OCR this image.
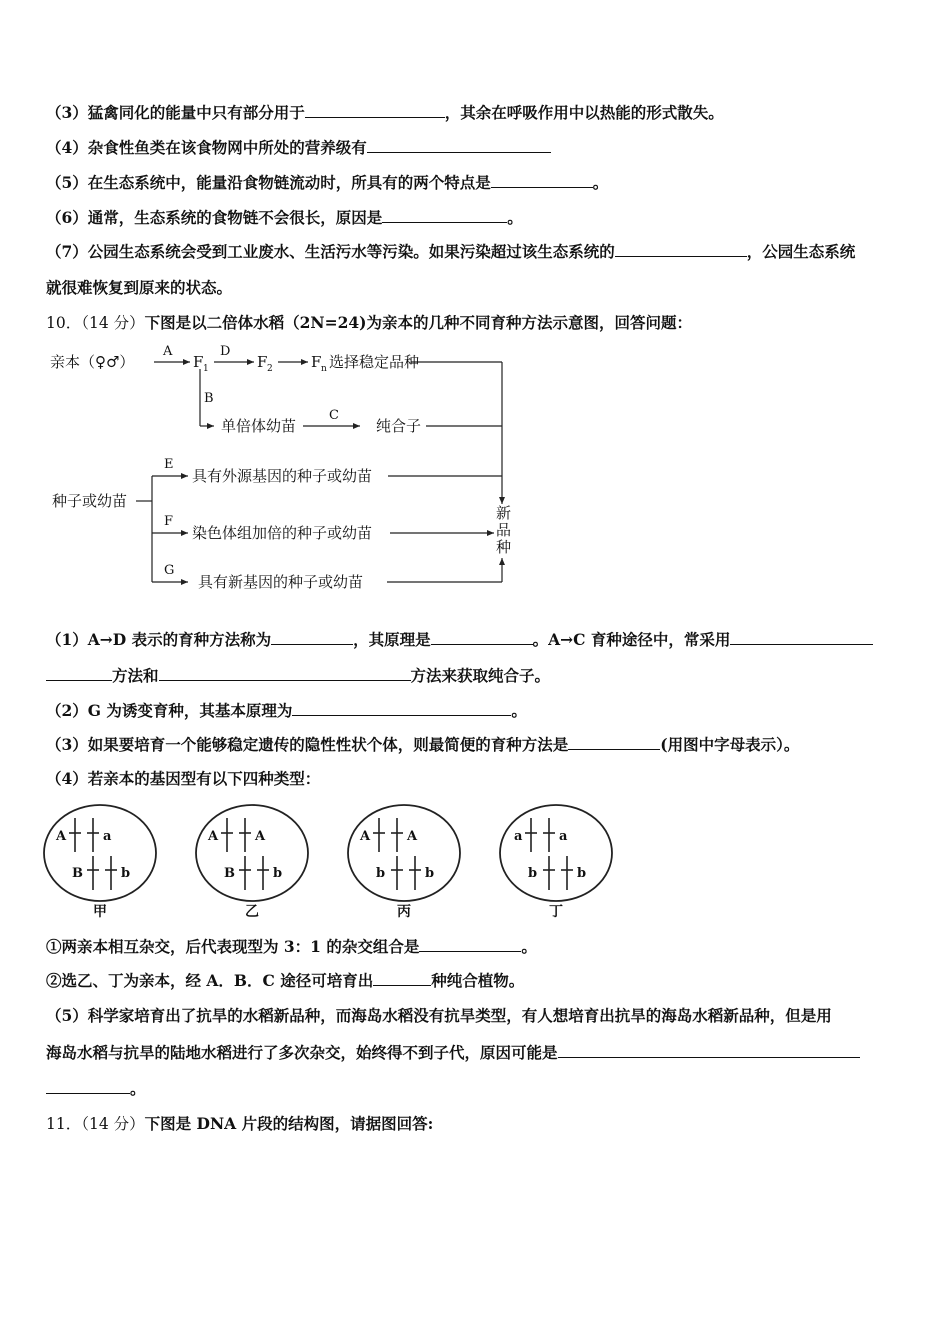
（3）猛禽同化的能量中只有部分用于	，其余在呼吸作用中以热能的形式散失。
（4）杂食性鱼类在该食物网中所处的营养级有
（5）在生态系统中，能量沿食物链流动时，所具有的两个特点是	。
（6）通常，生态系统的食物链不会很长，原因是	。
（7）公园生态系统会受到工业废水、生活污水等污染。如果污染超过该生态系统的	，公园生态系统
就很难恢复到原来的状态。
10．（14 分）下图是以二倍体水稻（2N=24)为亲本的几种不同育种方法示意图，回答问题：
亲本（♀♂）
A
F 1
D
F 2	F n 选择稳定品种
B
单倍体幼苗
C
纯合子
种子或幼苗
E
具有外源基因的种子或幼苗
F
染色体组加倍的种子或幼苗
G
具有新基因的种子或幼苗
新
品
种
（1）A→D 表示的育种方法称为	，其原理是	。A→C 育种途径中，常采用
方法和	方法来获取纯合子。
（2）G 为诱变育种，其基本原理为	。
（3）如果要培育一个能够稳定遗传的隐性性状个体，则最简便的育种方法是	(用图中字母表示）。
（4）若亲本的基因型有以下四种类型：
A	a
B	b
A	A
B	b
A	A
b	b
a	a
b	b
甲	乙	丙	丁
①两亲本相互杂交，后代表现型为 3：1 的杂交组合是	。
②选乙、丁为亲本，经 A．B．C 途径可培育出	种纯合植物。
（5）科学家培育出了抗旱的水稻新品种，而海岛水稻没有抗旱类型，有人想培育出抗旱的海岛水稻新品种，但是用
海岛水稻与抗旱的陆地水稻进行了多次杂交，始终得不到子代，原因可能是
。
11．（14 分）下图是 DNA 片段的结构图，请据图回答:
